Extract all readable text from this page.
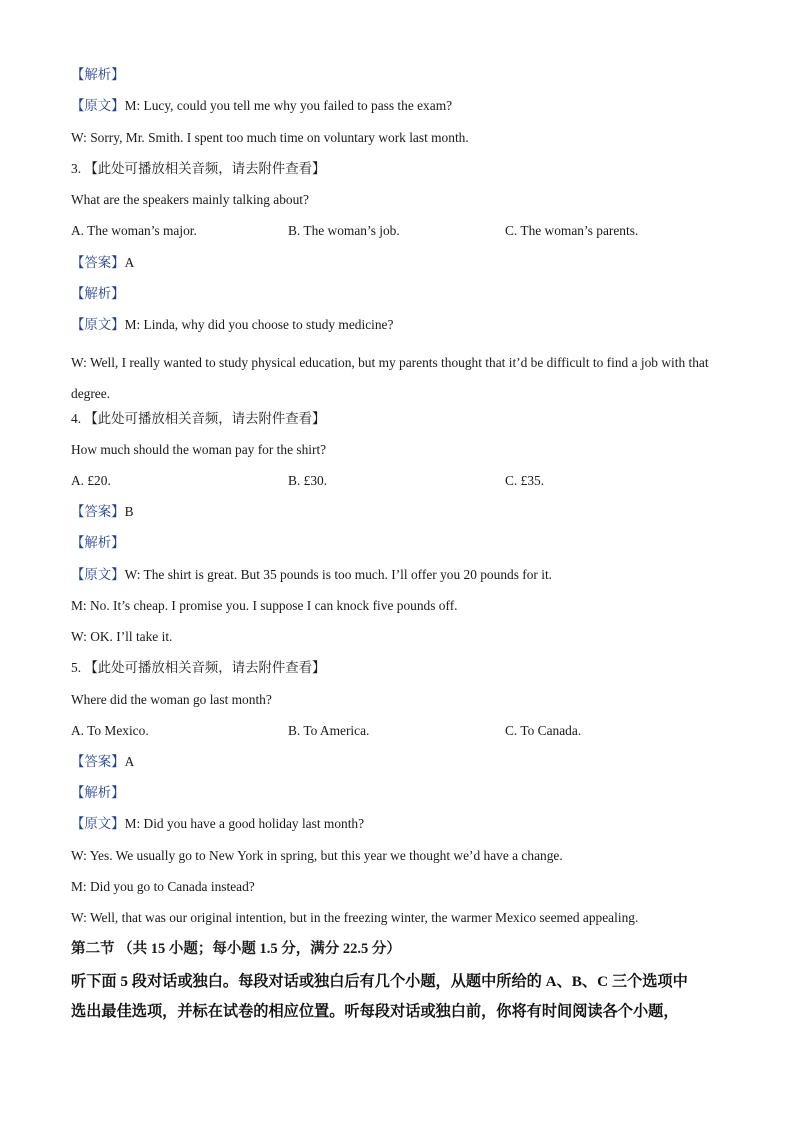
【解析】
【原文】M: Lucy, could you tell me why you failed to pass the exam?
W: Sorry, Mr. Smith. I spent too much time on voluntary work last month.
3. 【此处可播放相关音频，请去附件查看】
What are the speakers mainly talking about?
A. The woman’s major.	B. The woman’s job.	C. The woman’s parents.
【答案】A
【解析】
【原文】M: Linda, why did you choose to study medicine?
W: Well, I really wanted to study physical education, but my parents thought that it’d be difficult to find a job with that degree.
4. 【此处可播放相关音频，请去附件查看】
How much should the woman pay for the shirt?
A. £20.	B. £30.	C. £35.
【答案】B
【解析】
【原文】W: The shirt is great. But 35 pounds is too much. I’ll offer you 20 pounds for it.
M: No. It’s cheap. I promise you. I suppose I can knock five pounds off.
W: OK. I’ll take it.
5. 【此处可播放相关音频，请去附件查看】
Where did the woman go last month?
A. To Mexico.	B. To America.	C. To Canada.
【答案】A
【解析】
【原文】M: Did you have a good holiday last month?
W: Yes. We usually go to New York in spring, but this year we thought we’d have a change.
M: Did you go to Canada instead?
W: Well, that was our original intention, but in the freezing winter, the warmer Mexico seemed appealing.
第二节 （共 15 小题；每小题 1.5 分，满分 22.5 分）
听下面 5 段对话或独白。每段对话或独白后有几个小题，从题中所给的 A、B、C 三个选项中
选出最佳选项，并标在试卷的相应位置。听每段对话或独白前，你将有时间阅读各个小题，
